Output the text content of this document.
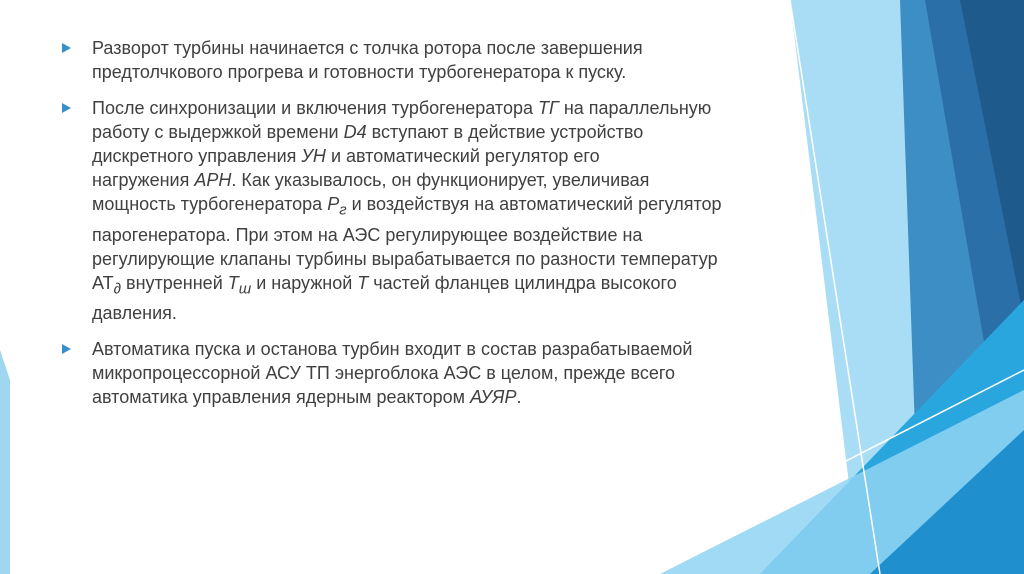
Разворот турбины начинается с толчка ротора после завершения
предтолчкового прогрева и готовности турбогенератора к пуску.
После синхронизации и включения турбогенератора ТГ на параллельную
работу с выдержкой времени D4 вступают в действие устройство
дискретного управления УН и автоматический регулятор его
нагружения АРН. Как указывалось, он функционирует, увеличивая
мощность турбогенератора $Р_г$ и воздействуя на автоматический регулятор
парогенератора. При этом на АЭС регулирующее воздействие на
регулирующие клапаны турбины вырабатывается по разности температур
$АТ_\partial$ внутренней $Т_ш$ и наружной Т частей фланцев цилиндра высокого
давления.
Автоматика пуска и останова турбин входит в состав разрабатываемой
микропроцессорной АСУ ТП энергоблока АЭС в целом, прежде всего
автоматика управления ядерным реактором АУЯР.
